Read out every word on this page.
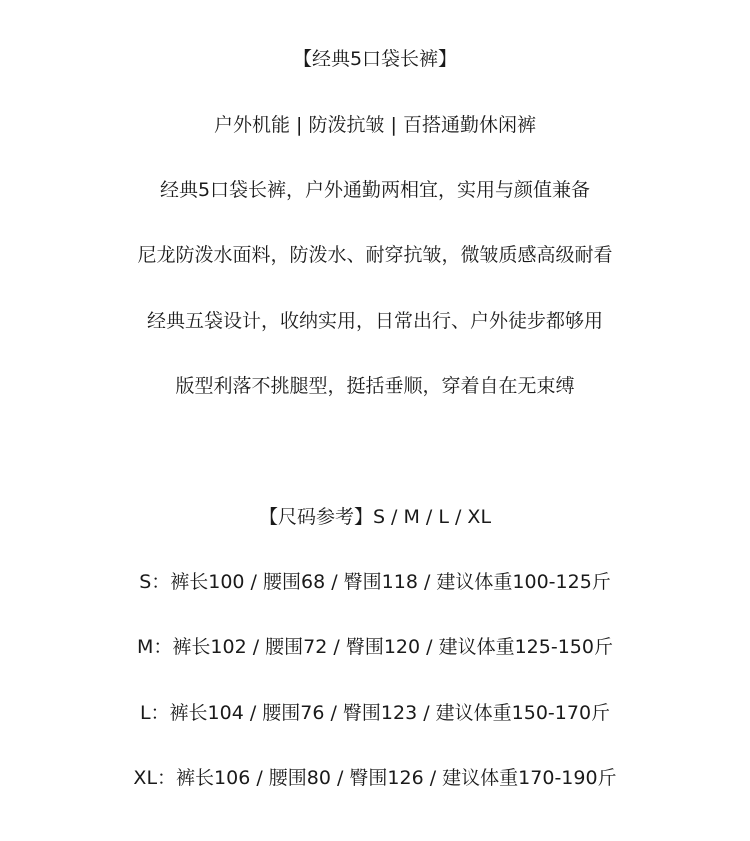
【经典5口袋长裤】
户外机能 | 防泼抗皱 | 百搭通勤休闲裤
经典5口袋长裤，户外通勤两相宜，实用与颜值兼备
尼龙防泼水面料，防泼水、耐穿抗皱，微皱质感高级耐看
经典五袋设计，收纳实用，日常出行、户外徒步都够用
版型利落不挑腿型，挺括垂顺，穿着自在无束缚
【尺码参考】S / M / L / XL
S：裤长100 / 腰围68 / 臀围118 / 建议体重100-125斤
M：裤长102 / 腰围72 / 臀围120 / 建议体重125-150斤
L：裤长104 / 腰围76 / 臀围123 / 建议体重150-170斤
XL：裤长106 / 腰围80 / 臀围126 / 建议体重170-190斤
